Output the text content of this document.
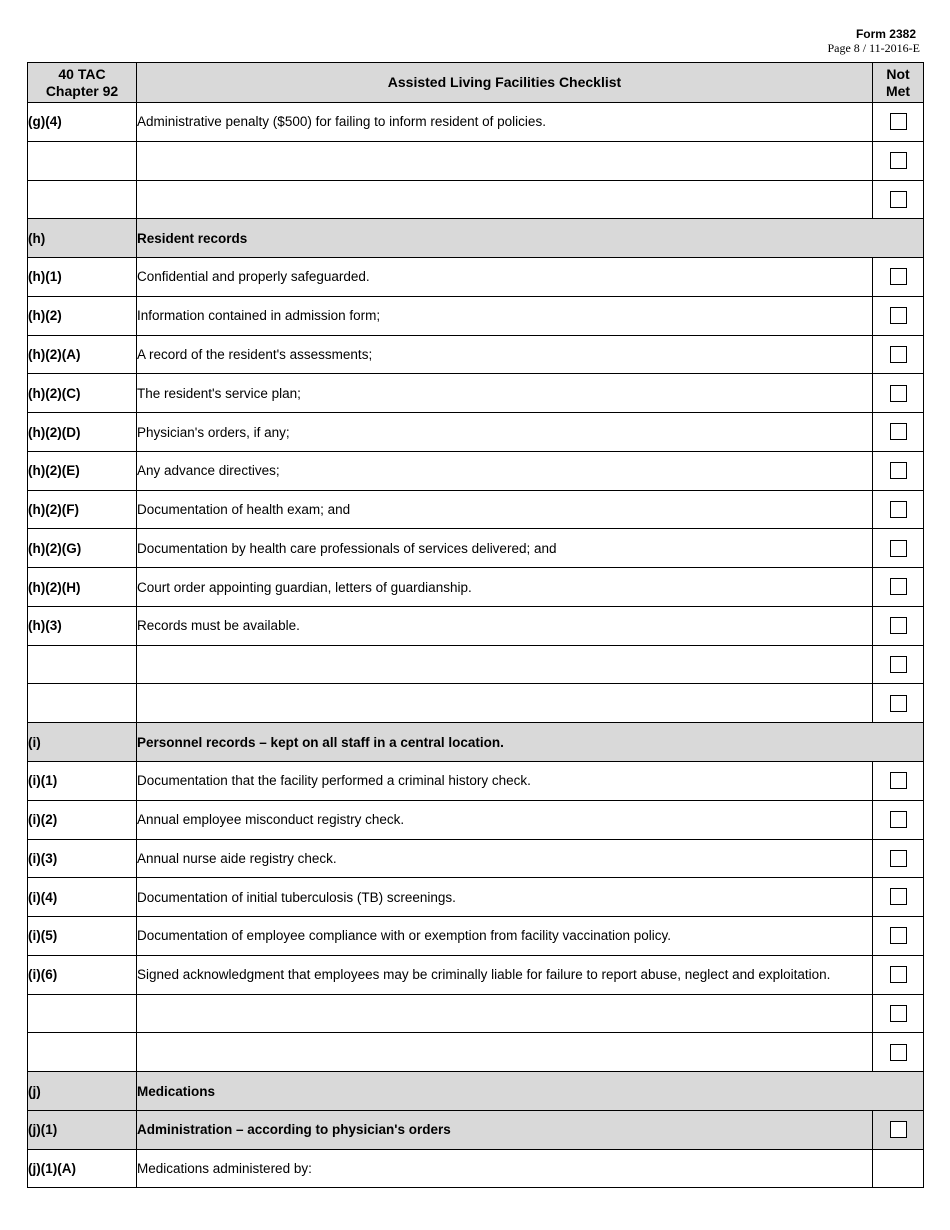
Form 2382
Page 8 / 11-2016-E
40 TAC Chapter 92	Assisted Living Facilities Checklist	Not Met
(g)(4)	Administrative penalty ($500) for failing to inform resident of policies.	

(h)	Resident records	
(h)(1)	Confidential and properly safeguarded.	
(h)(2)	Information contained in admission form;	
(h)(2)(A)	A record of the resident's assessments;	
(h)(2)(C)	The resident's service plan;	
(h)(2)(D)	Physician's orders, if any;	
(h)(2)(E)	Any advance directives;	
(h)(2)(F)	Documentation of health exam; and	
(h)(2)(G)	Documentation by health care professionals of services delivered; and	
(h)(2)(H)	Court order appointing guardian, letters of guardianship.	
(h)(3)	Records must be available.	

(i)	Personnel records – kept on all staff in a central location.	
(i)(1)	Documentation that the facility performed a criminal history check.	
(i)(2)	Annual employee misconduct registry check.	
(i)(3)	Annual nurse aide registry check.	
(i)(4)	Documentation of initial tuberculosis (TB) screenings.	
(i)(5)	Documentation of employee compliance with or exemption from facility vaccination policy.	
(i)(6)	Signed acknowledgment that employees may be criminally liable for failure to report abuse, neglect and exploitation.	

(j)	Medications	
(j)(1)	Administration – according to physician's orders	
(j)(1)(A)	Medications administered by:	
